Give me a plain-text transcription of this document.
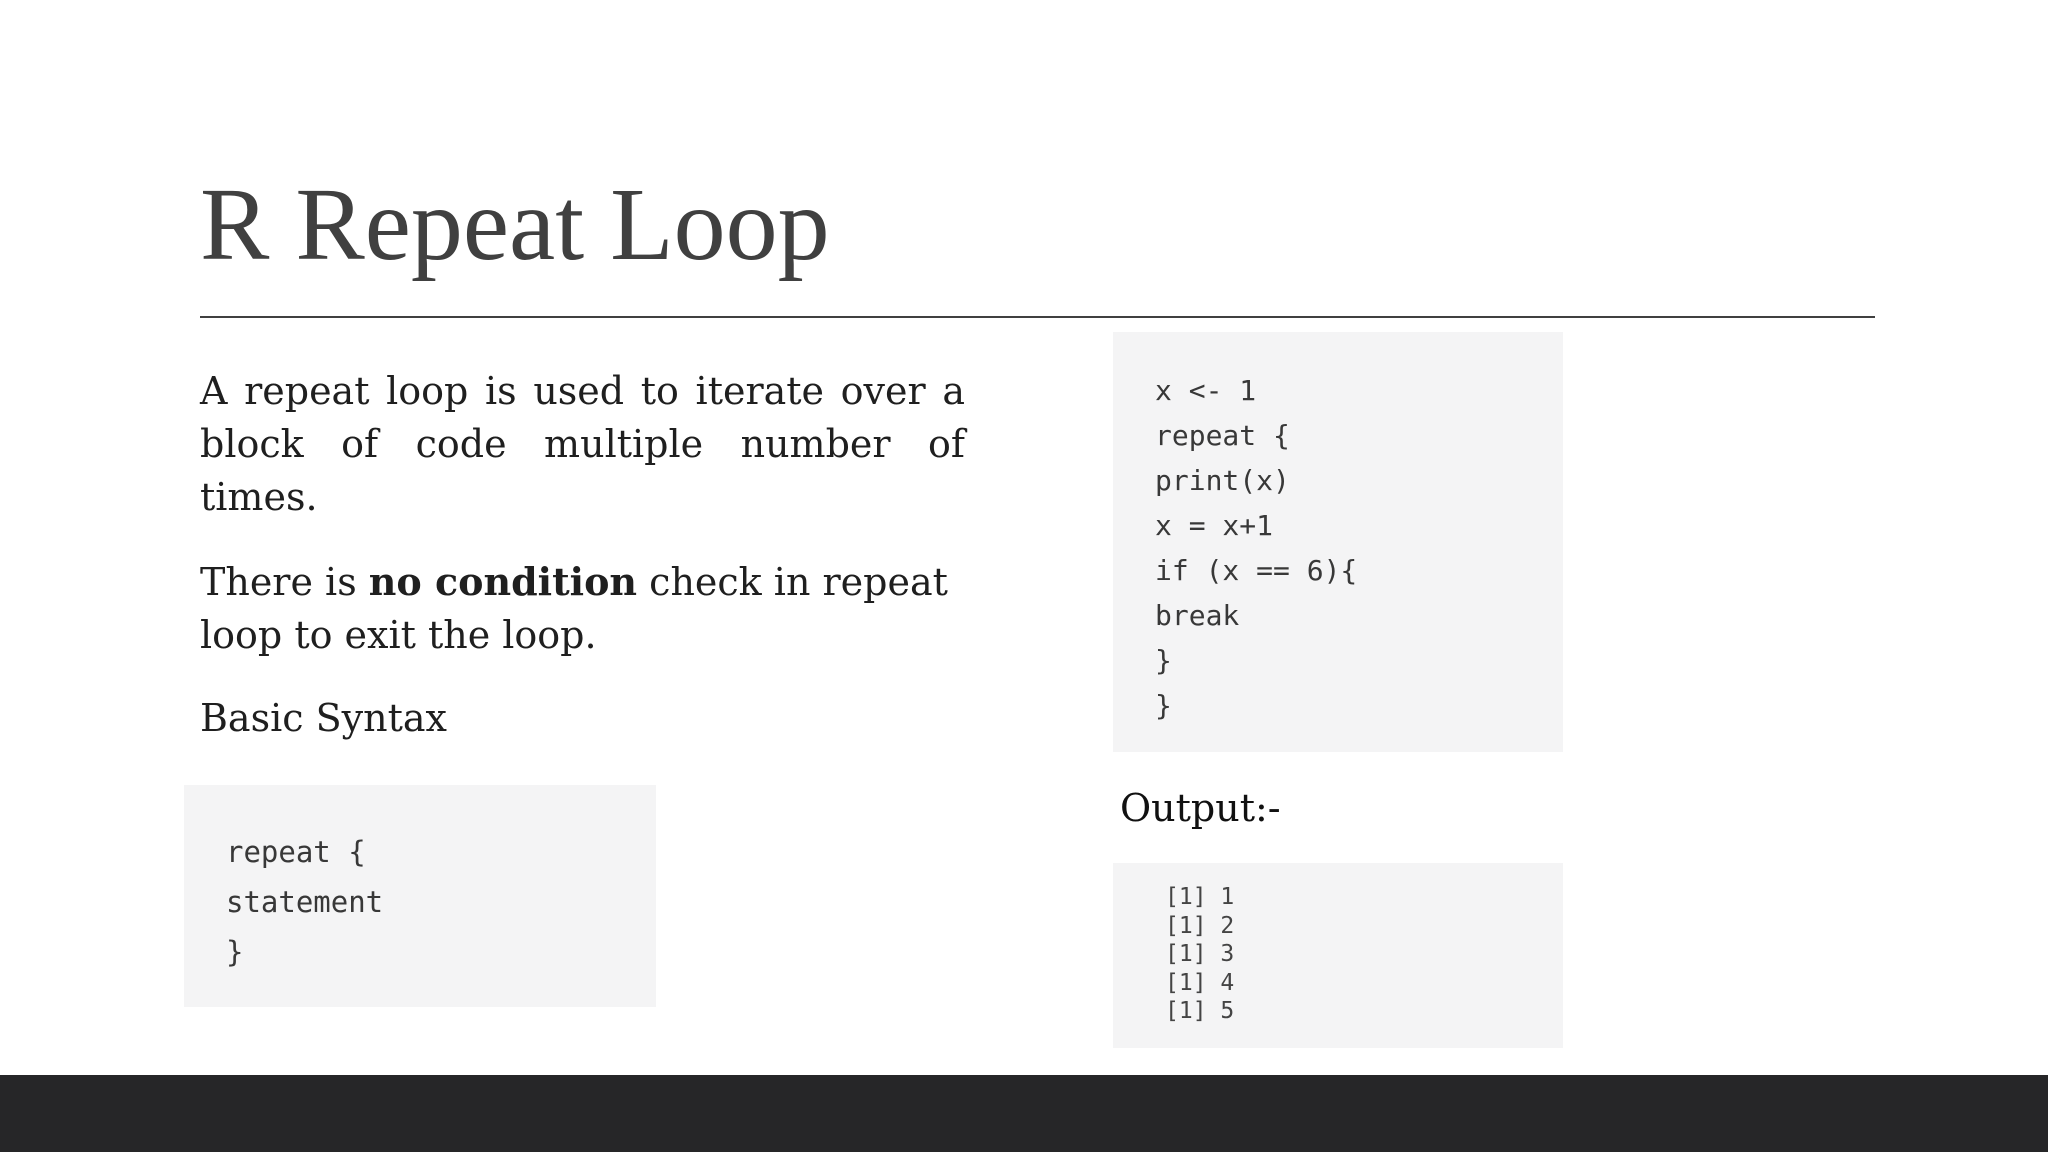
R Repeat Loop

A repeat loop is used to iterate over a block of code multiple number of times.

There is no condition check in repeat loop to exit the loop.

Basic Syntax

repeat {
statement
}
x <- 1
repeat {
print(x)
x = x+1
if (x == 6){
break
}
}

Output:-

[1] 1
[1] 2
[1] 3
[1] 4
[1] 5
